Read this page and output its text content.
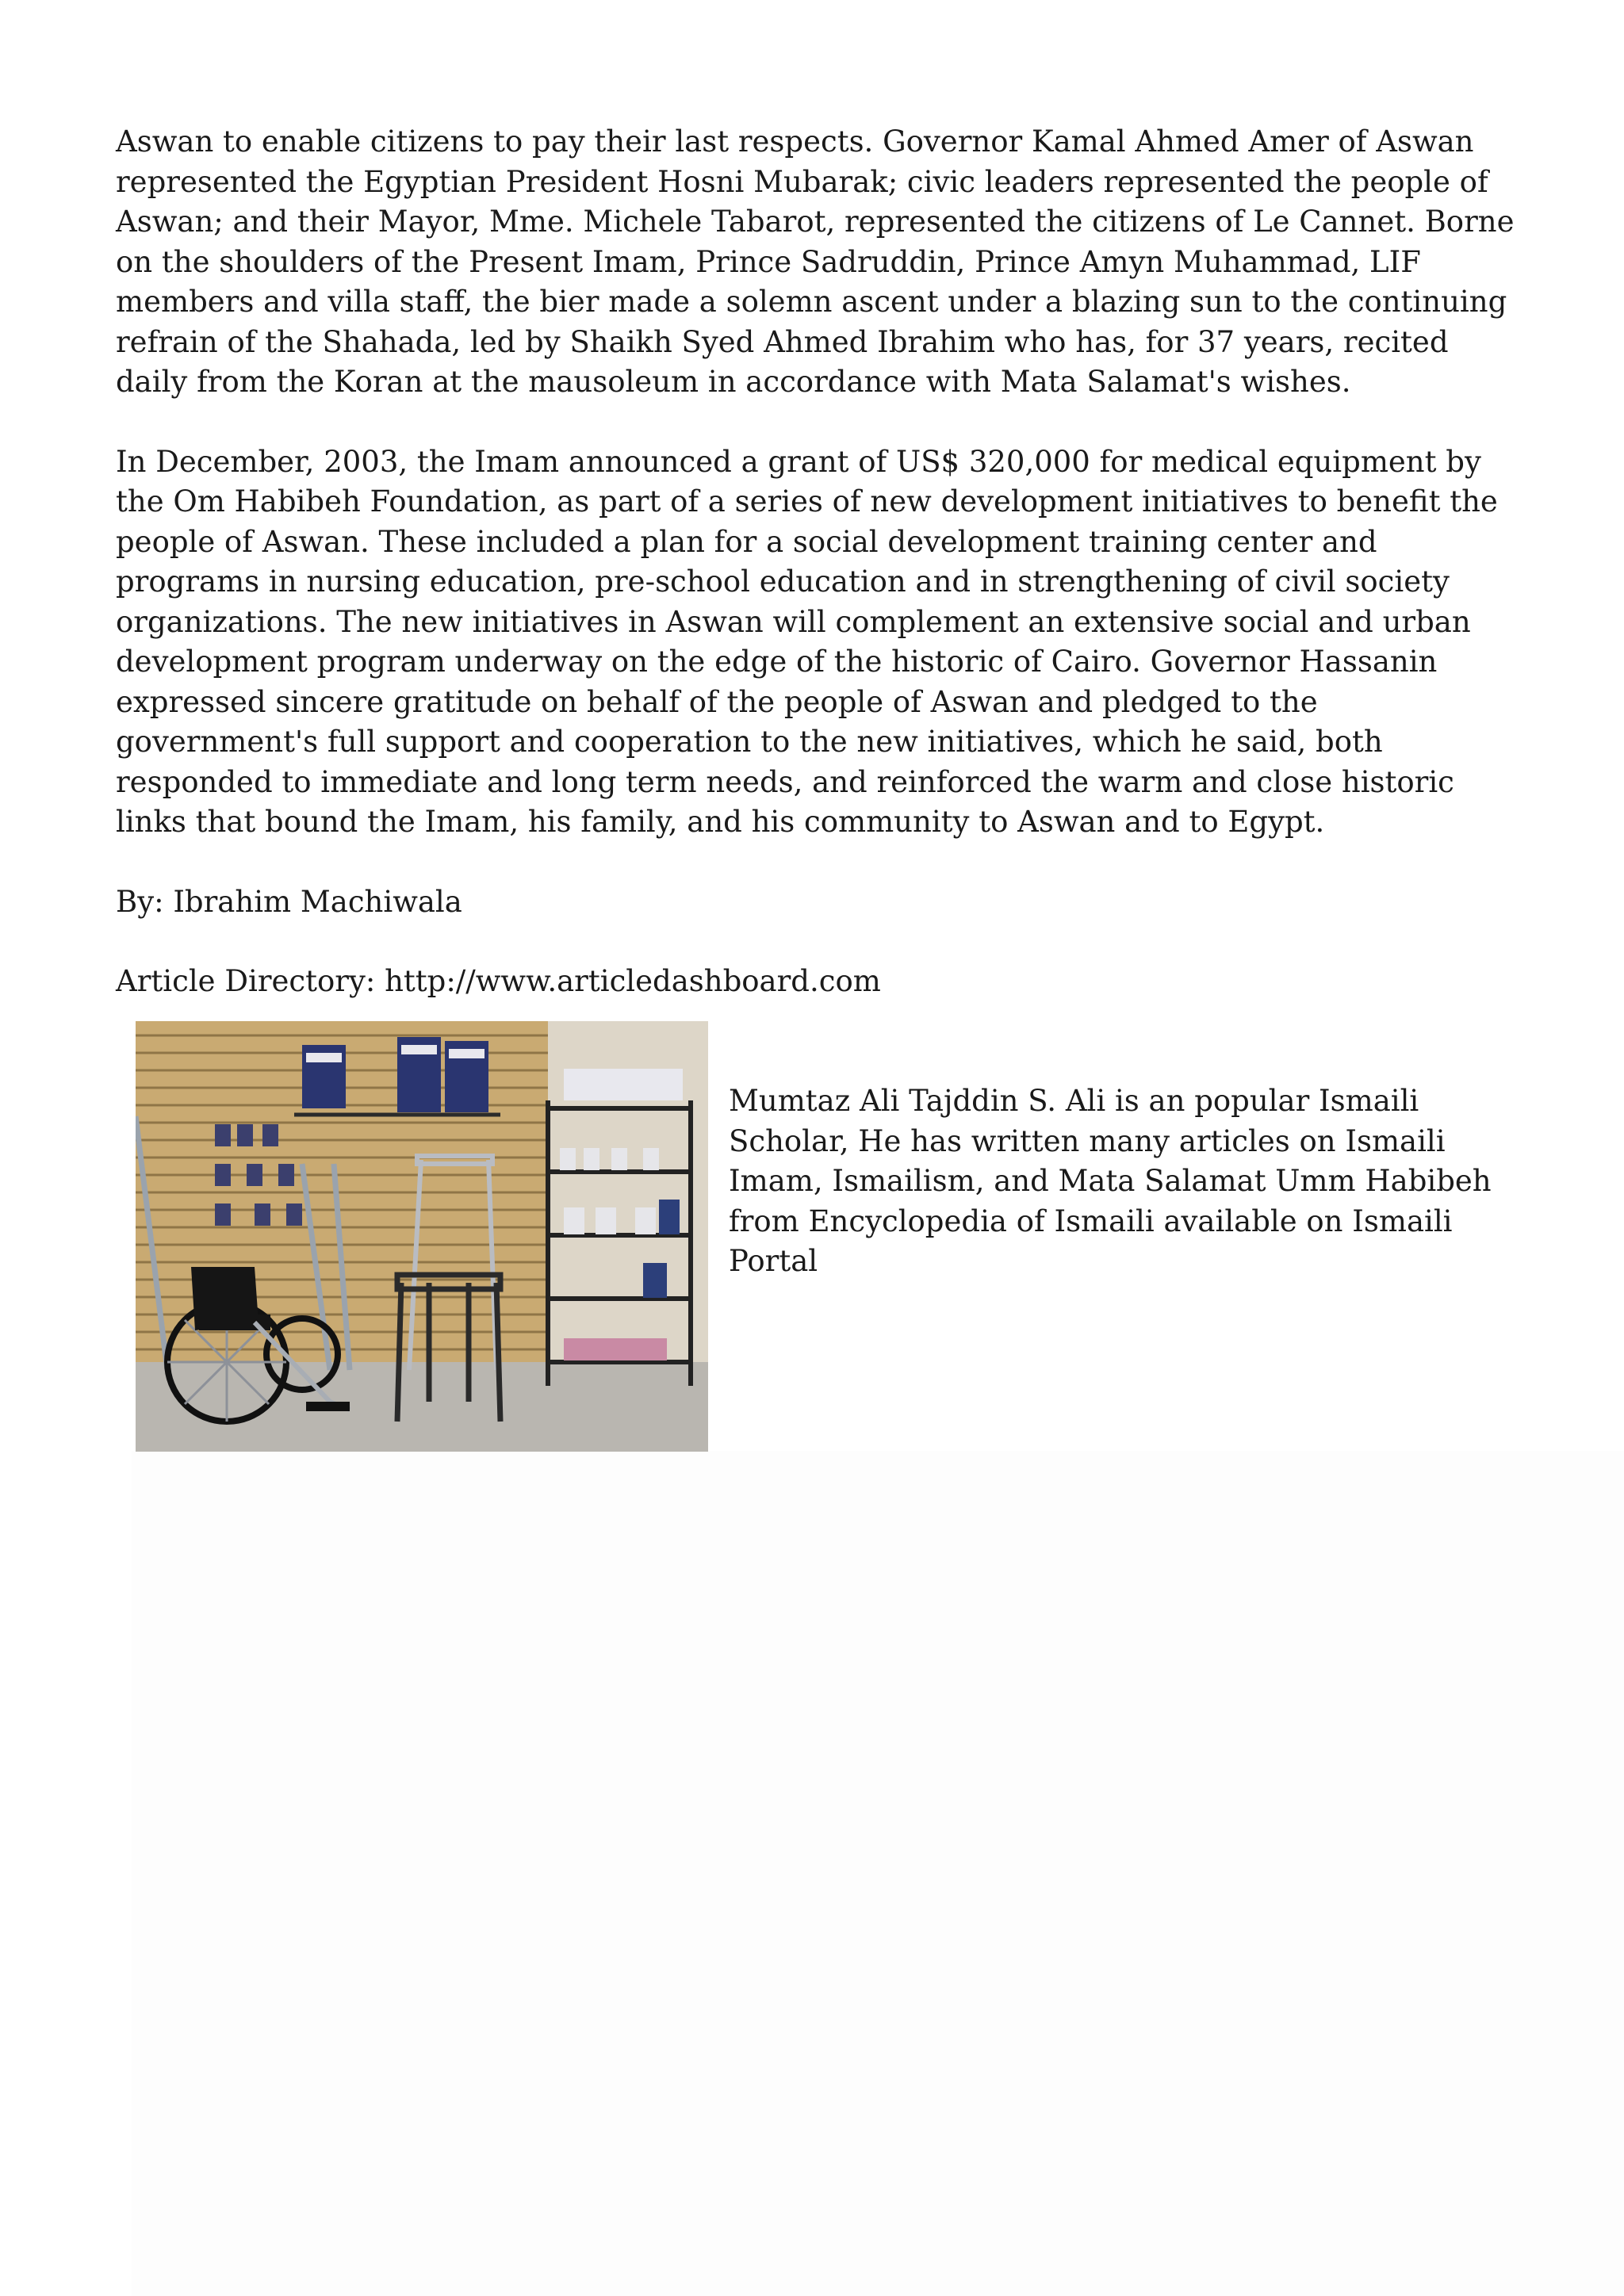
Aswan to enable citizens to pay their last respects. Governor Kamal Ahmed Amer of Aswan represented the Egyptian President Hosni Mubarak; civic leaders represented the people of Aswan; and their Mayor, Mme. Michele Tabarot, represented the citizens of Le Cannet. Borne on the shoulders of the Present Imam, Prince Sadruddin, Prince Amyn Muhammad, LIF members and villa staff, the bier made a solemn ascent under a blazing sun to the continuing refrain of the Shahada, led by Shaikh Syed Ahmed Ibrahim who has, for 37 years, recited daily from the Koran at the mausoleum in accordance with Mata Salamat's wishes.

In December, 2003, the Imam announced a grant of US$ 320,000 for medical equipment by the Om Habibeh Foundation, as part of a series of new development initiatives to benefit the people of Aswan. These included a plan for a social development training center and programs in nursing education, pre-school education and in strengthening of civil society organizations. The new initiatives in Aswan will complement an extensive social and urban development program underway on the edge of the historic of Cairo. Governor Hassanin expressed sincere gratitude on behalf of the people of Aswan and pledged to the government's full support and cooperation to the new initiatives, which he said, both responded to immediate and long term needs, and reinforced the warm and close historic links that bound the Imam, his family, and his community to Aswan and to Egypt.

By: Ibrahim Machiwala

Article Directory: http://www.articledashboard.com

Mumtaz Ali Tajddin S. Ali is an popular Ismaili Scholar, He has written many articles on Ismaili Imam, Ismailism, and Mata Salamat Umm Habibeh from Encyclopedia of Ismaili available on Ismaili Portal
